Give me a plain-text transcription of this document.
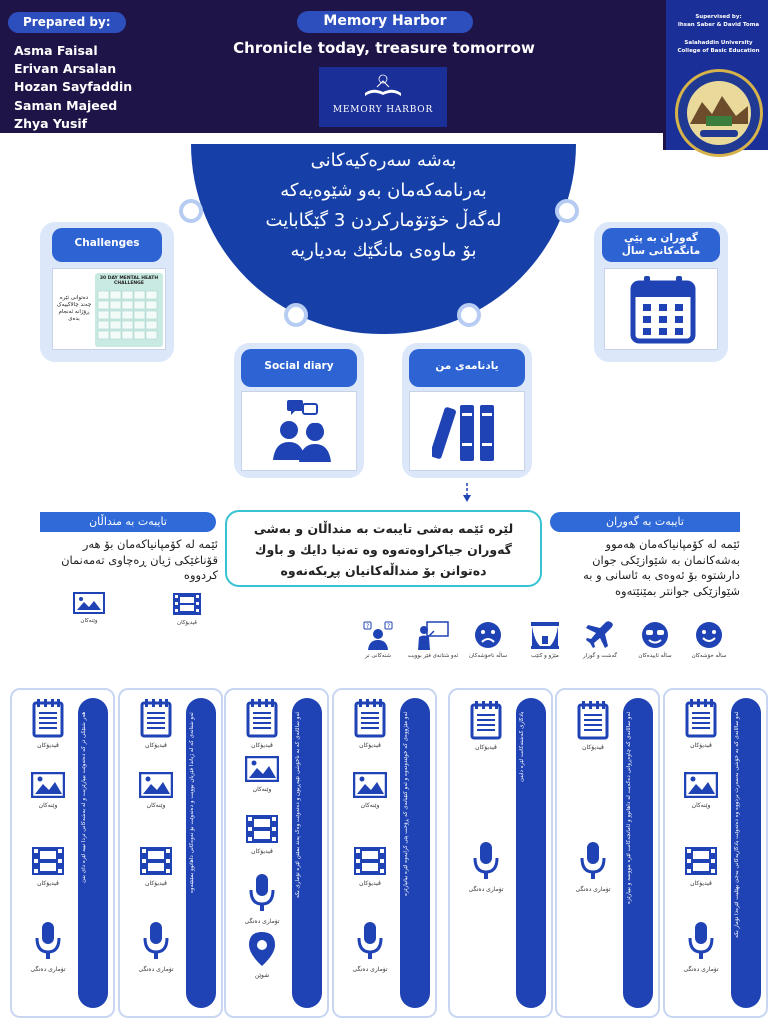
Prepared by:
Asma Faisal
Erivan Arsalan
Hozan Sayfaddin
Saman Majeed
Zhya Yusif
Memory Harbor
Chronicle today, treasure tomorrow
MEMORY HARBOR
Supervised by:
Ihsan Saber & David Toma
Salahaddin University
College of Basic Education
بەشە سەرەکیەکانی
بەرنامەکەمان بەو شێوەیەکە
لەگەڵ خۆتۆمارکردن 3 گێگابایت
بۆ ماوەی مانگێك بەدیاریە
Challenges
دەتوانی ئێرە چەند چالاکییەک ڕۆژانە ئەنجام بدەی
30 DAY MENTAL HEATH CHALLENGE
گەوران بە پێی مانگەکانی ساڵ
Social diary	یادنامەی من
تایبەت بە منداڵان
ئێمە لە کۆمپانیاکەمان بۆ هەر قۆناغێکی ژیان ڕەچاوی تەمەنمان کردووە
وێنەکان	ڤیدیۆکان
لێرە ئێمە بەشی تایبەت بە منداڵان و بەشی گەوران جیاکراوەتەوە وە تەنیا دایك و باوك دەتوانن بۆ منداڵەکانیان پڕبکەنەوە
تایبەت بە گەوران
ئێمە لە کۆمپانیاکەمان هەموو بەشەکانمان بە شێوازێکی جوان دارشتوە بۆ ئەوەی بە ئاسانی و بە شێوازێکی جوانتر بمێنێتەوە
?	?
شتەکانی تر	ئەو شتانەی فێر بوویت	ساڵە ناخۆشەکان	مێژو و کتێب	گەشت و گوزار	ساڵە ئاییدەکان	ساڵە خۆشەکان
ئەو ساڵانەی کە بە خۆشی بەسەرت بردووە وە دەتەوێت یادگاریەکانی بەجێ بهێڵیت لێرەدا تۆمار بکە
ڤیدیۆکان
وێنەکان
ڤیدیۆکان
تۆماری دەنگی
ئەو ساڵانەی کە چاوەڕوانی دەکەیت لە داهاتوو و ئامانجەکانت لێرە بنووسە و بیپارێزە
ڤیدیۆکان
تۆماری دەنگی
یادگاری گەشتەکانت لێرە دابنێ
ڤیدیۆکان
تۆماری دەنگی
ئەو مێژووەی کە خوێندوتەوە و ئەو کتێبانەی کە ڕۆحت پێی کرایەوە لێرە بیانپارێزە
ڤیدیۆکان
وێنەکان
ڤیدیۆکان
تۆماری دەنگی
ئەو ساڵانەی کە بە ناخۆشی تێپەڕیون و دەتەوێت وەک پەند بمێنن لێرە تۆماری بکە
ڤیدیۆکان
وێنەکان
ڤیدیۆکان
تۆماری دەنگی
شوێن
ئەو شتانەی کە لە ژیاندا فێریان بوویت و دەتەوێت بۆ نەوەکانی داهاتوو بمێنێتەوە
ڤیدیۆکان
وێنەکان
ڤیدیۆکان
تۆماری دەنگی
هەر شتێکی تر کە دەتەوێت بیپارێزیت و لە بەشەکانی تردا نییە لێرە دای بنێ
ڤیدیۆکان
وێنەکان
ڤیدیۆکان
تۆماری دەنگی
